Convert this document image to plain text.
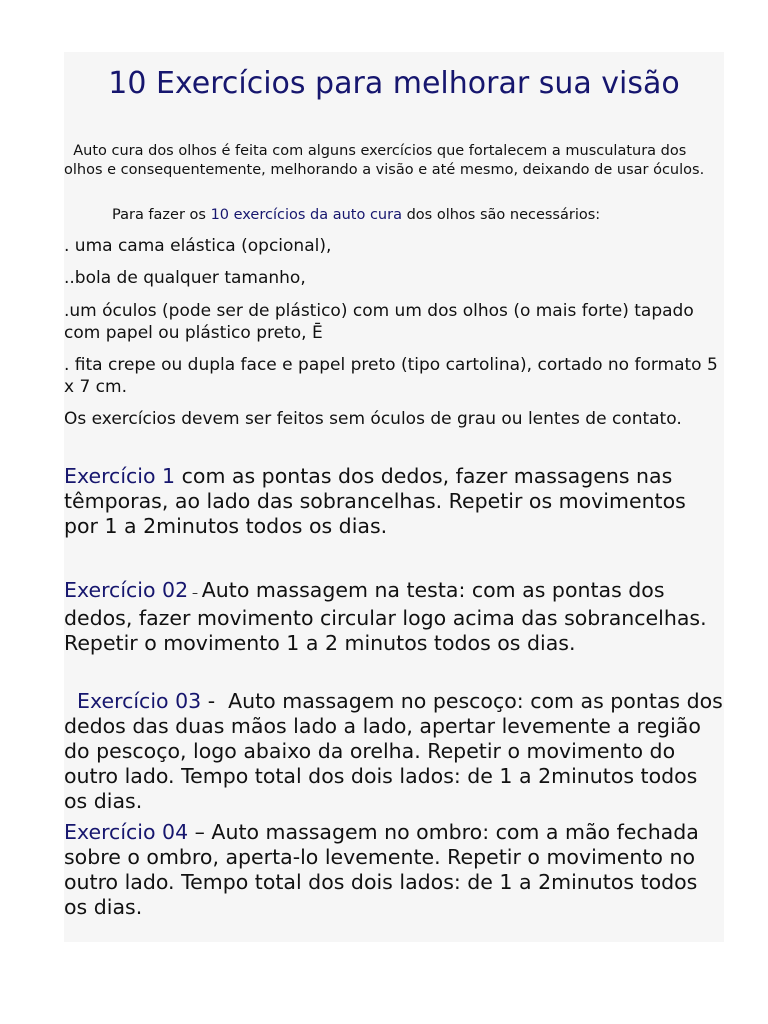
10 Exercícios para melhorar sua visão

Auto cura dos olhos é feita com alguns exercícios que fortalecem a musculatura dos olhos e consequentemente, melhorando a visão e até mesmo, deixando de usar óculos.

Para fazer os 10 exercícios da auto cura dos olhos são necessários:

. uma cama elástica (opcional),

..bola de qualquer tamanho,

.um óculos (pode ser de plástico) com um dos olhos (o mais forte) tapado com papel ou plástico preto, Ē

. fita crepe ou dupla face e papel preto (tipo cartolina), cortado no formato 5 x 7 cm.

Os exercícios devem ser feitos sem óculos de grau ou lentes de contato.

Exercício 1 com as pontas dos dedos, fazer massagens nas têmporas, ao lado das sobrancelhas. Repetir os movimentos por 1 a 2minutos todos os dias.

Exercício 02 – Auto massagem na testa: com as pontas dos dedos, fazer movimento circular logo acima das sobrancelhas. Repetir o movimento 1 a 2 minutos todos os dias.

Exercício 03 -  Auto massagem no pescoço: com as pontas dos dedos das duas mãos lado a lado, apertar levemente a região do pescoço, logo abaixo da orelha. Repetir o movimento do outro lado. Tempo total dos dois lados: de 1 a 2minutos todos os dias.

Exercício 04 – Auto massagem no ombro: com a mão fechada sobre o ombro, aperta-lo levemente. Repetir o movimento no outro lado. Tempo total dos dois lados: de 1 a 2minutos todos os dias.
